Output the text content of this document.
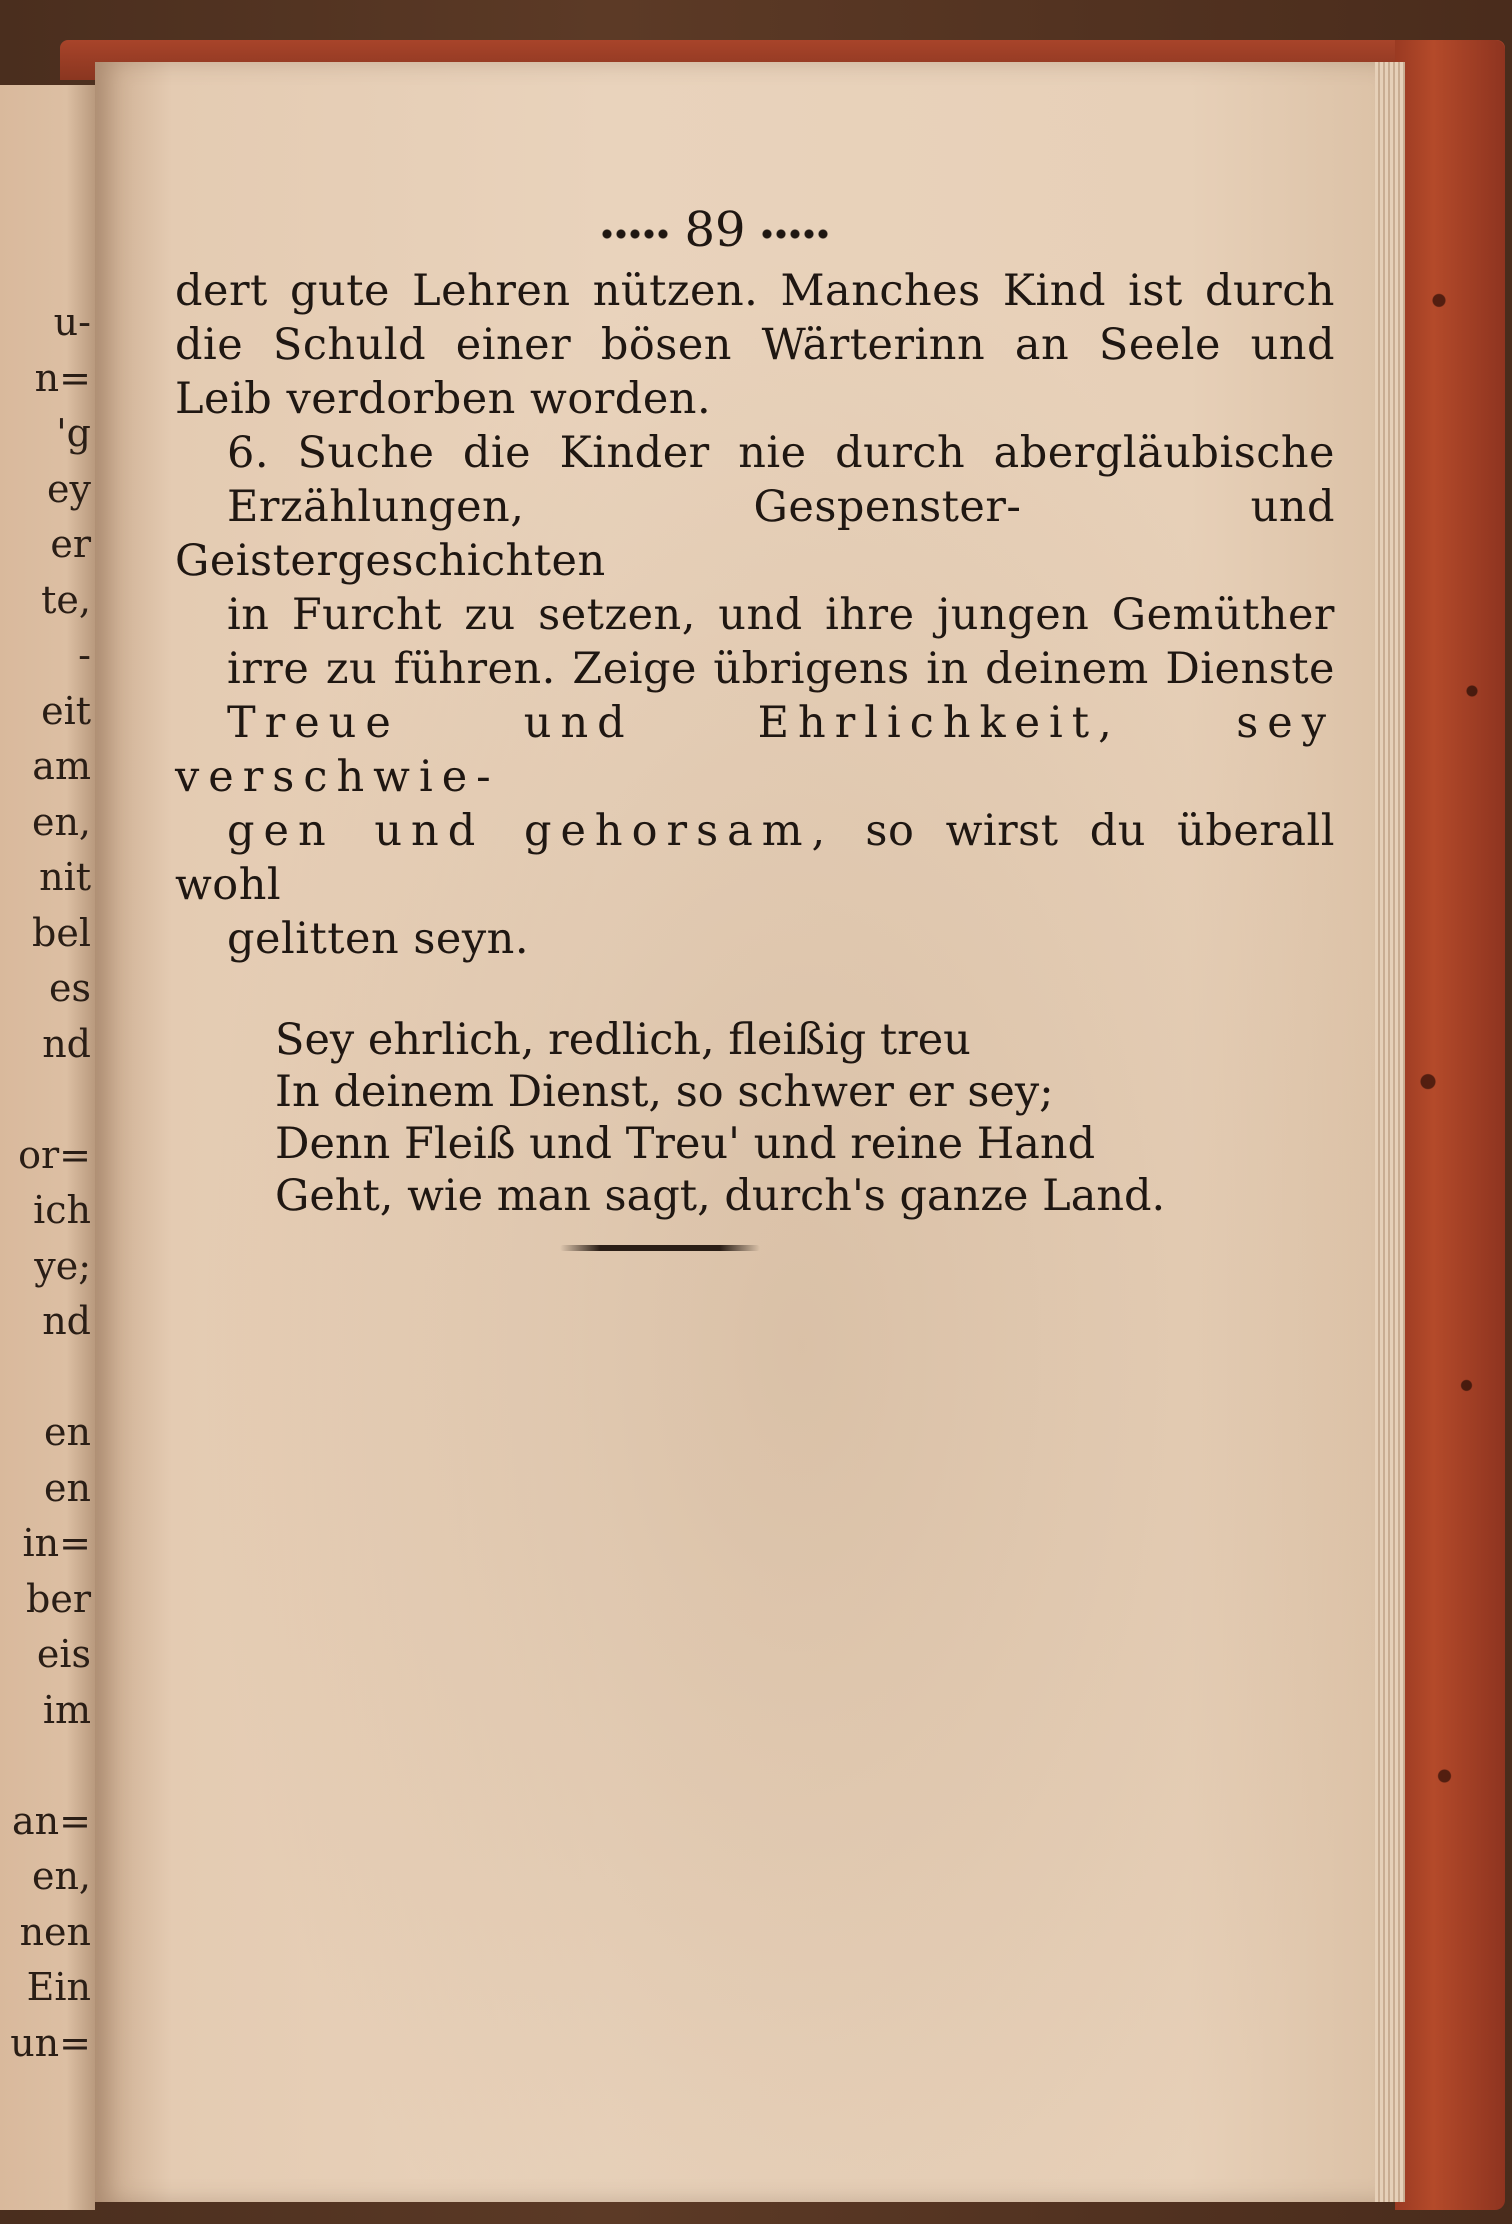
u-
n=
'g
ey
er
te,
-
eit
am
en,
nit
bel
es
nd
or=
ich
ye;
nd
en
en
in=
ber
eis
im
an=
en,
nen
Ein
un=
89

dert gute Lehren nützen. Manches Kind ist durch
die Schuld einer bösen Wärterinn an Seele und
Leib verdorben worden.

6. Suche die Kinder nie durch abergläubische
Erzählungen, Gespenster- und Geistergeschichten
in Furcht zu setzen, und ihre jungen Gemüther
irre zu führen. Zeige übrigens in deinem Dienste
Treue und Ehrlichkeit,	sey verschwie-
gen und gehorsam, so wirst du überall wohl
gelitten seyn.

Sey ehrlich, redlich, fleißig treu
In deinem Dienst, so schwer er sey;
Denn Fleiß und Treu' und reine Hand
Geht, wie man sagt, durch's ganze Land.
